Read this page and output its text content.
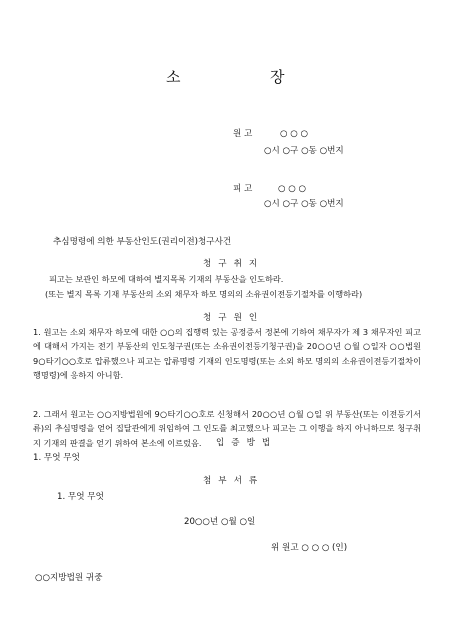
소	장
원 고	○ ○ ○
○시 ○구 ○동 ○번지
피 고	○ ○ ○
○시 ○구 ○동 ○번지
추심명령에 의한 부동산인도(권리이전)청구사건
청구취지
피고는 보관인 하모에 대하여 별지목록 기재의 부동산을 인도하라.
(또는 별지 목록 기재 부동산의 소외 채무자 하모 명의의 소유권이전등기절차를 이행하라)
청구원인
1. 원고는 소외 채무자 하모에 대한 ○○의 집행력 있는 공정증서 정본에 기하여 채무자가 제 3 채무자인 피고에 대해서 가지는 전기 부동산의 인도청구권(또는 소유권이전등기청구권)을 20○○년 ○월 ○일자 ○○법원 9○타기○○호로 압류했으나 피고는 압류명령 기재의 인도명령(또는 소외 하모 명의의 소유권이전등기절차이행명령)에 응하지 아니함.
2. 그래서 원고는 ○○지방법원에 9○타기○○호로 신청해서 20○○년 ○월 ○일 위 부동산(또는 이전등기서류)의 추심명령을 얻어 집달관에게 위임하여 그 인도를 최고했으나 피고는 그 이행을 하지 아니하므로 청구취지 기재의 판결을 얻기 위하여 본소에 이르렀음.	입증방법
1. 무엇 무엇
첨부서류
1. 무엇 무엇
20○○년 ○월 ○일
위 원고 ○ ○ ○ (인)
○○지방법원 귀중
